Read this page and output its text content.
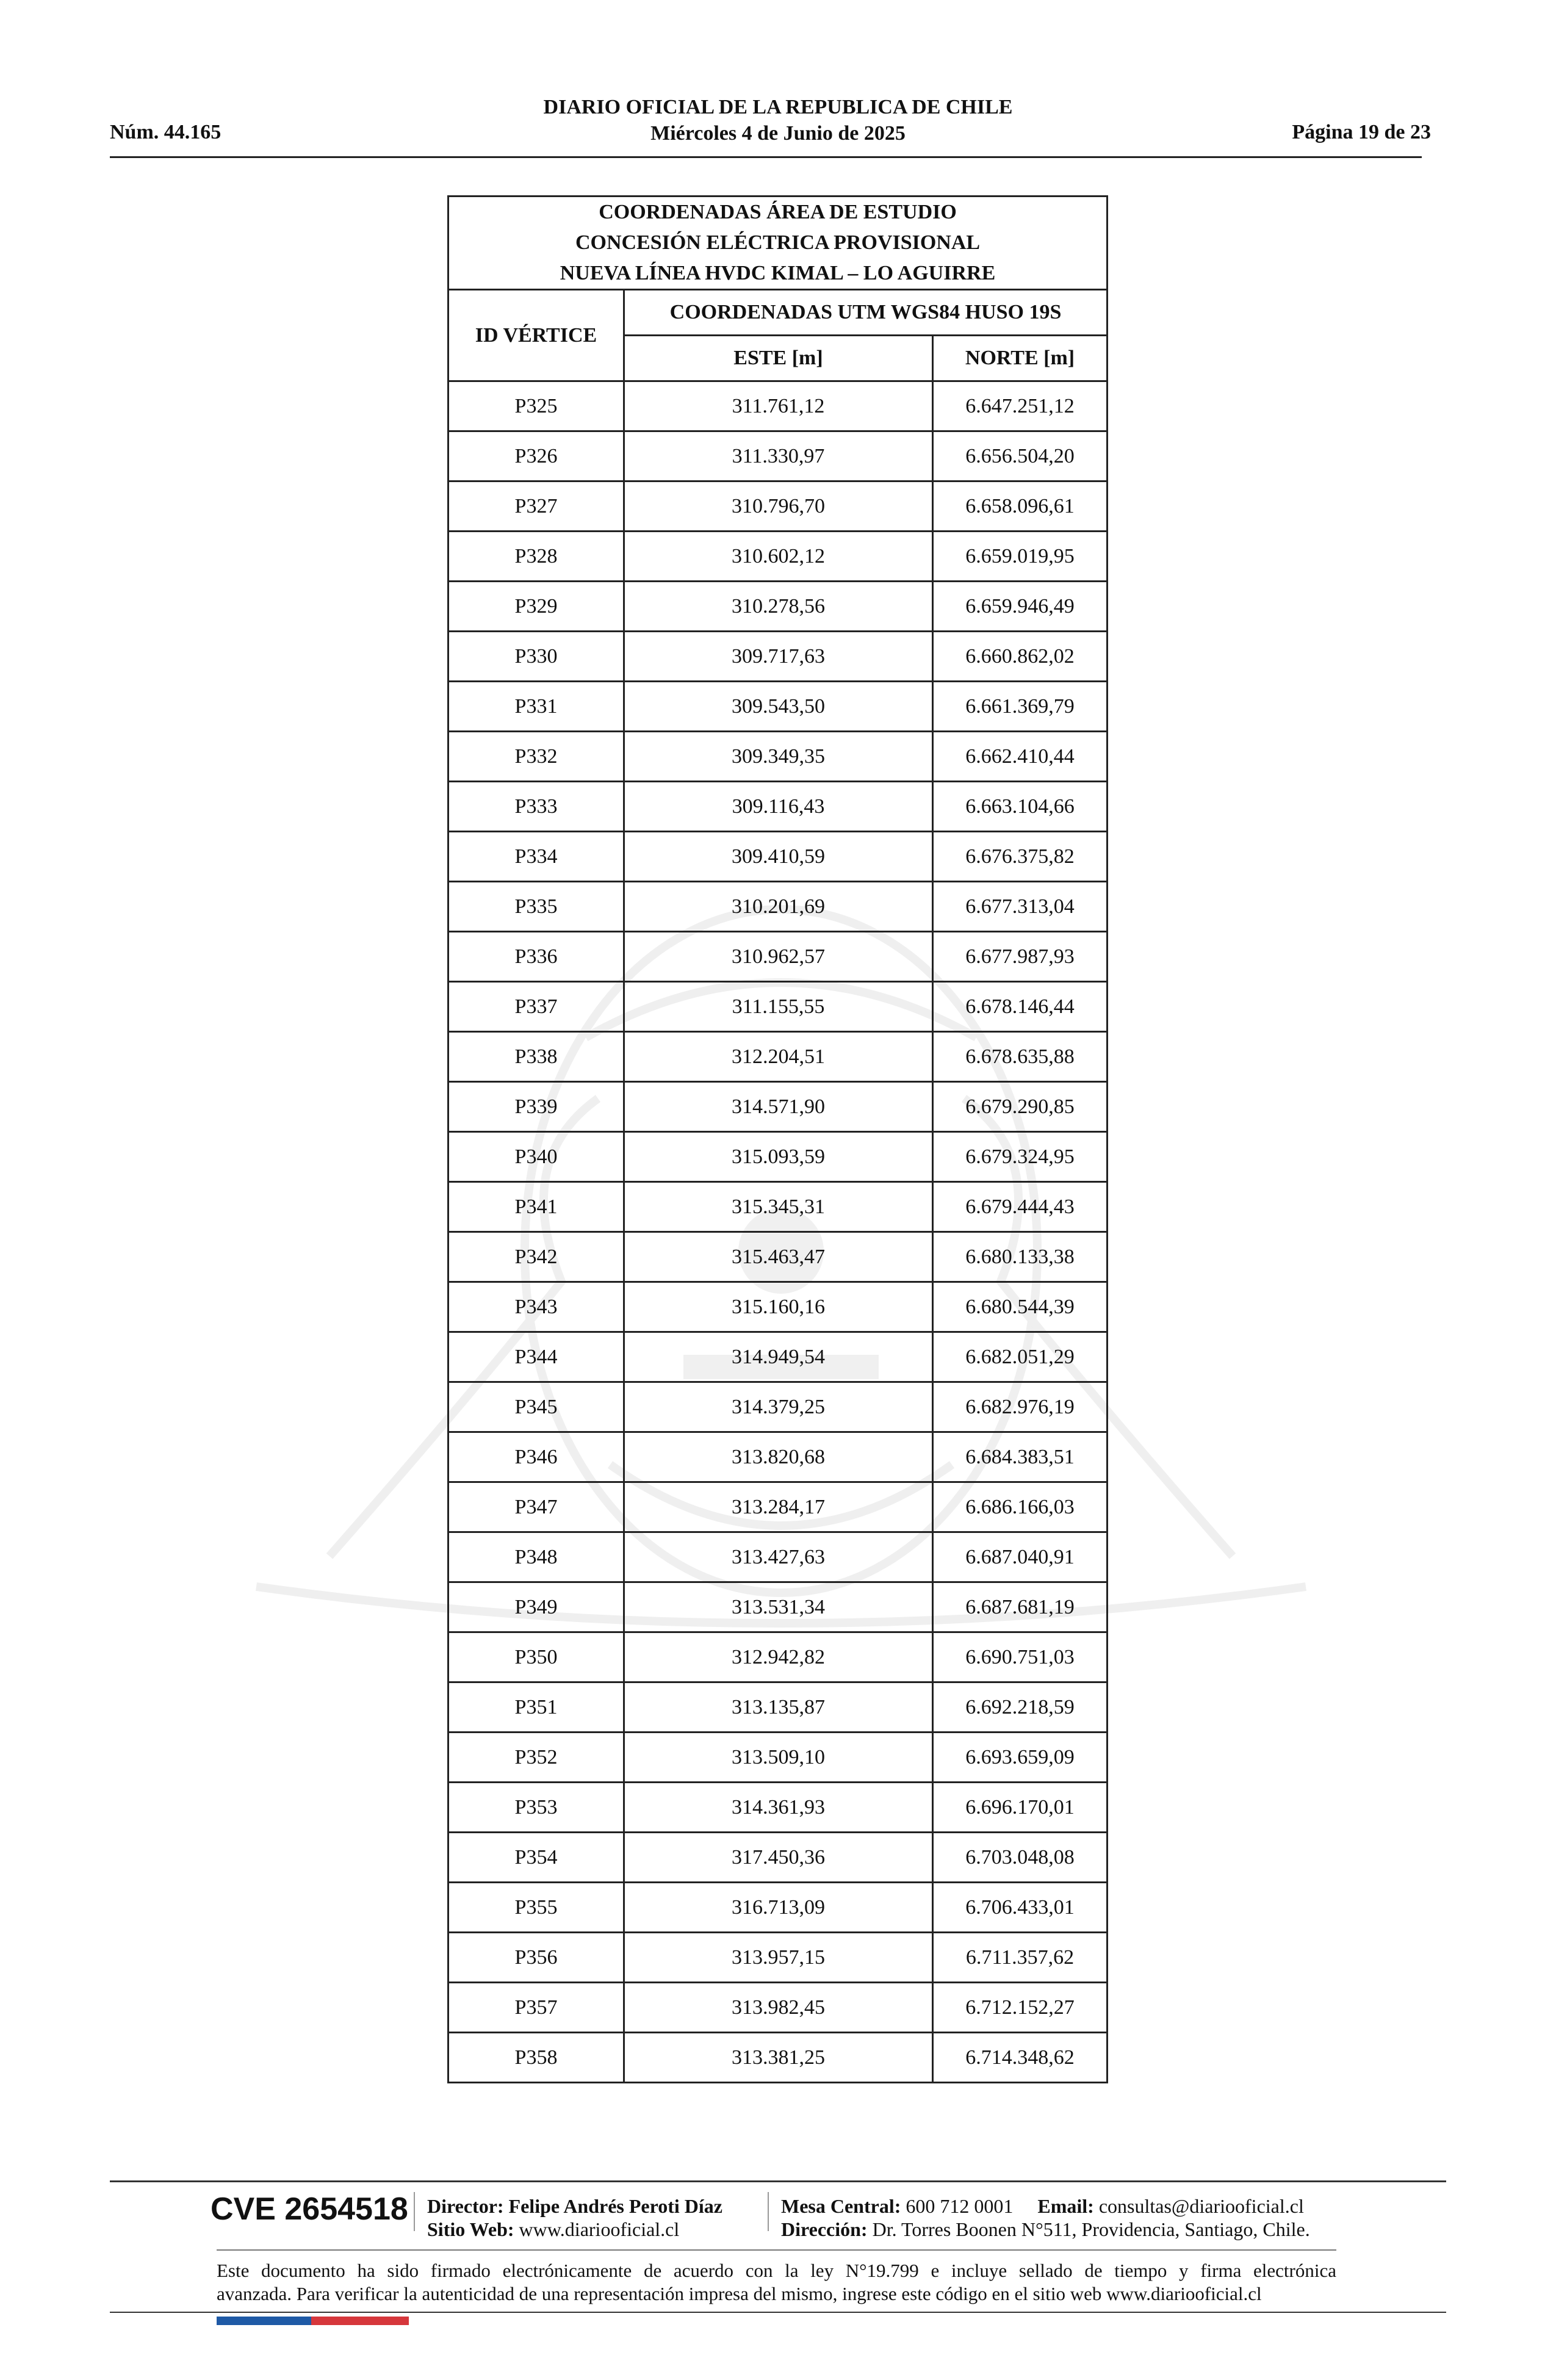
Núm. 44.165
DIARIO OFICIAL DE LA REPUBLICA DE CHILE
Miércoles 4 de Junio de 2025	Página 19 de 23
COORDENADAS ÁREA DE ESTUDIO
CONCESIÓN ELÉCTRICA PROVISIONAL
NUEVA LÍNEA HVDC KIMAL – LO AGUIRRE		

ID VÉRTICE	COORDENADAS UTM WGS84 HUSO 19S	
	ESTE [m]	NORTE [m]
P325	311.761,12	6.647.251,12
P326	311.330,97	6.656.504,20
P327	310.796,70	6.658.096,61
P328	310.602,12	6.659.019,95
P329	310.278,56	6.659.946,49
P330	309.717,63	6.660.862,02
P331	309.543,50	6.661.369,79
P332	309.349,35	6.662.410,44
P333	309.116,43	6.663.104,66
P334	309.410,59	6.676.375,82
P335	310.201,69	6.677.313,04
P336	310.962,57	6.677.987,93
P337	311.155,55	6.678.146,44
P338	312.204,51	6.678.635,88
P339	314.571,90	6.679.290,85
P340	315.093,59	6.679.324,95
P341	315.345,31	6.679.444,43
P342	315.463,47	6.680.133,38
P343	315.160,16	6.680.544,39
P344	314.949,54	6.682.051,29
P345	314.379,25	6.682.976,19
P346	313.820,68	6.684.383,51
P347	313.284,17	6.686.166,03
P348	313.427,63	6.687.040,91
P349	313.531,34	6.687.681,19
P350	312.942,82	6.690.751,03
P351	313.135,87	6.692.218,59
P352	313.509,10	6.693.659,09
P353	314.361,93	6.696.170,01
P354	317.450,36	6.703.048,08
P355	316.713,09	6.706.433,01
P356	313.957,15	6.711.357,62
P357	313.982,45	6.712.152,27
P358	313.381,25	6.714.348,62
CVE 2654518 Director: Felipe Andrés Peroti Díaz
Sitio Web: www.diariooficial.cl
Mesa Central: 600 712 0001 Email: consultas@diariooficial.cl
Dirección: Dr. Torres Boonen N°511, Providencia, Santiago, Chile.
Este documento ha sido firmado electrónicamente de acuerdo con la ley N°19.799 e incluye sellado de tiempo y firma electrónica
avanzada. Para verificar la autenticidad de una representación impresa del mismo, ingrese este código en el sitio web www.diariooficial.cl
